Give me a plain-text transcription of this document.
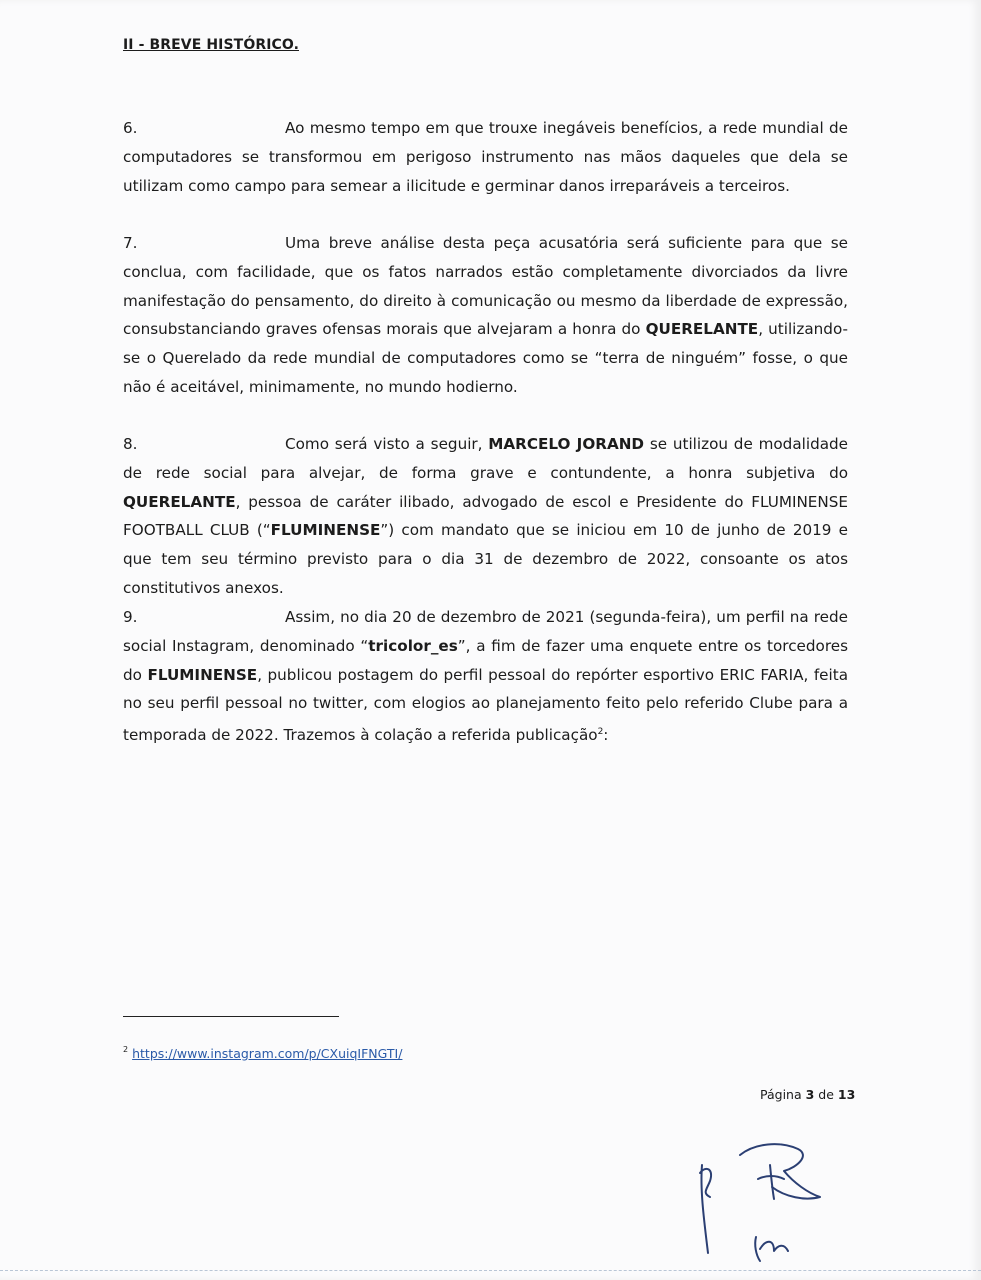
II - BREVE HISTÓRICO.
6.	Ao mesmo tempo em que trouxe inegáveis benefícios, a rede mundial de computadores se transformou em perigoso instrumento nas mãos daqueles que dela se utilizam como campo para semear a ilicitude e germinar danos irreparáveis a terceiros.
7.	Uma breve análise desta peça acusatória será suficiente para que se conclua, com facilidade, que os fatos narrados estão completamente divorciados da livre manifestação do pensamento, do direito à comunicação ou mesmo da liberdade de expressão, consubstanciando graves ofensas morais que alvejaram a honra do QUERELANTE, utilizando-se o Querelado da rede mundial de computadores como se “terra de ninguém” fosse, o que não é aceitável, minimamente, no mundo hodierno.
8.	Como será visto a seguir, MARCELO JORAND se utilizou de modalidade de rede social para alvejar, de forma grave e contundente, a honra subjetiva do QUERELANTE, pessoa de caráter ilibado, advogado de escol e Presidente do FLUMINENSE FOOTBALL CLUB (“FLUMINENSE”) com mandato que se iniciou em 10 de junho de 2019 e que tem seu término previsto para o dia 31 de dezembro de 2022, consoante os atos constitutivos anexos.
9.	Assim, no dia 20 de dezembro de 2021 (segunda-feira), um perfil na rede social Instagram, denominado “tricolor_es”, a fim de fazer uma enquete entre os torcedores do FLUMINENSE, publicou postagem do perfil pessoal do repórter esportivo ERIC FARIA, feita no seu perfil pessoal no twitter, com elogios ao planejamento feito pelo referido Clube para a temporada de 2022. Trazemos à colação a referida publicação$^2$:
$^2$ https://www.instagram.com/p/CXuiqIFNGTI/
Página 3 de 13
